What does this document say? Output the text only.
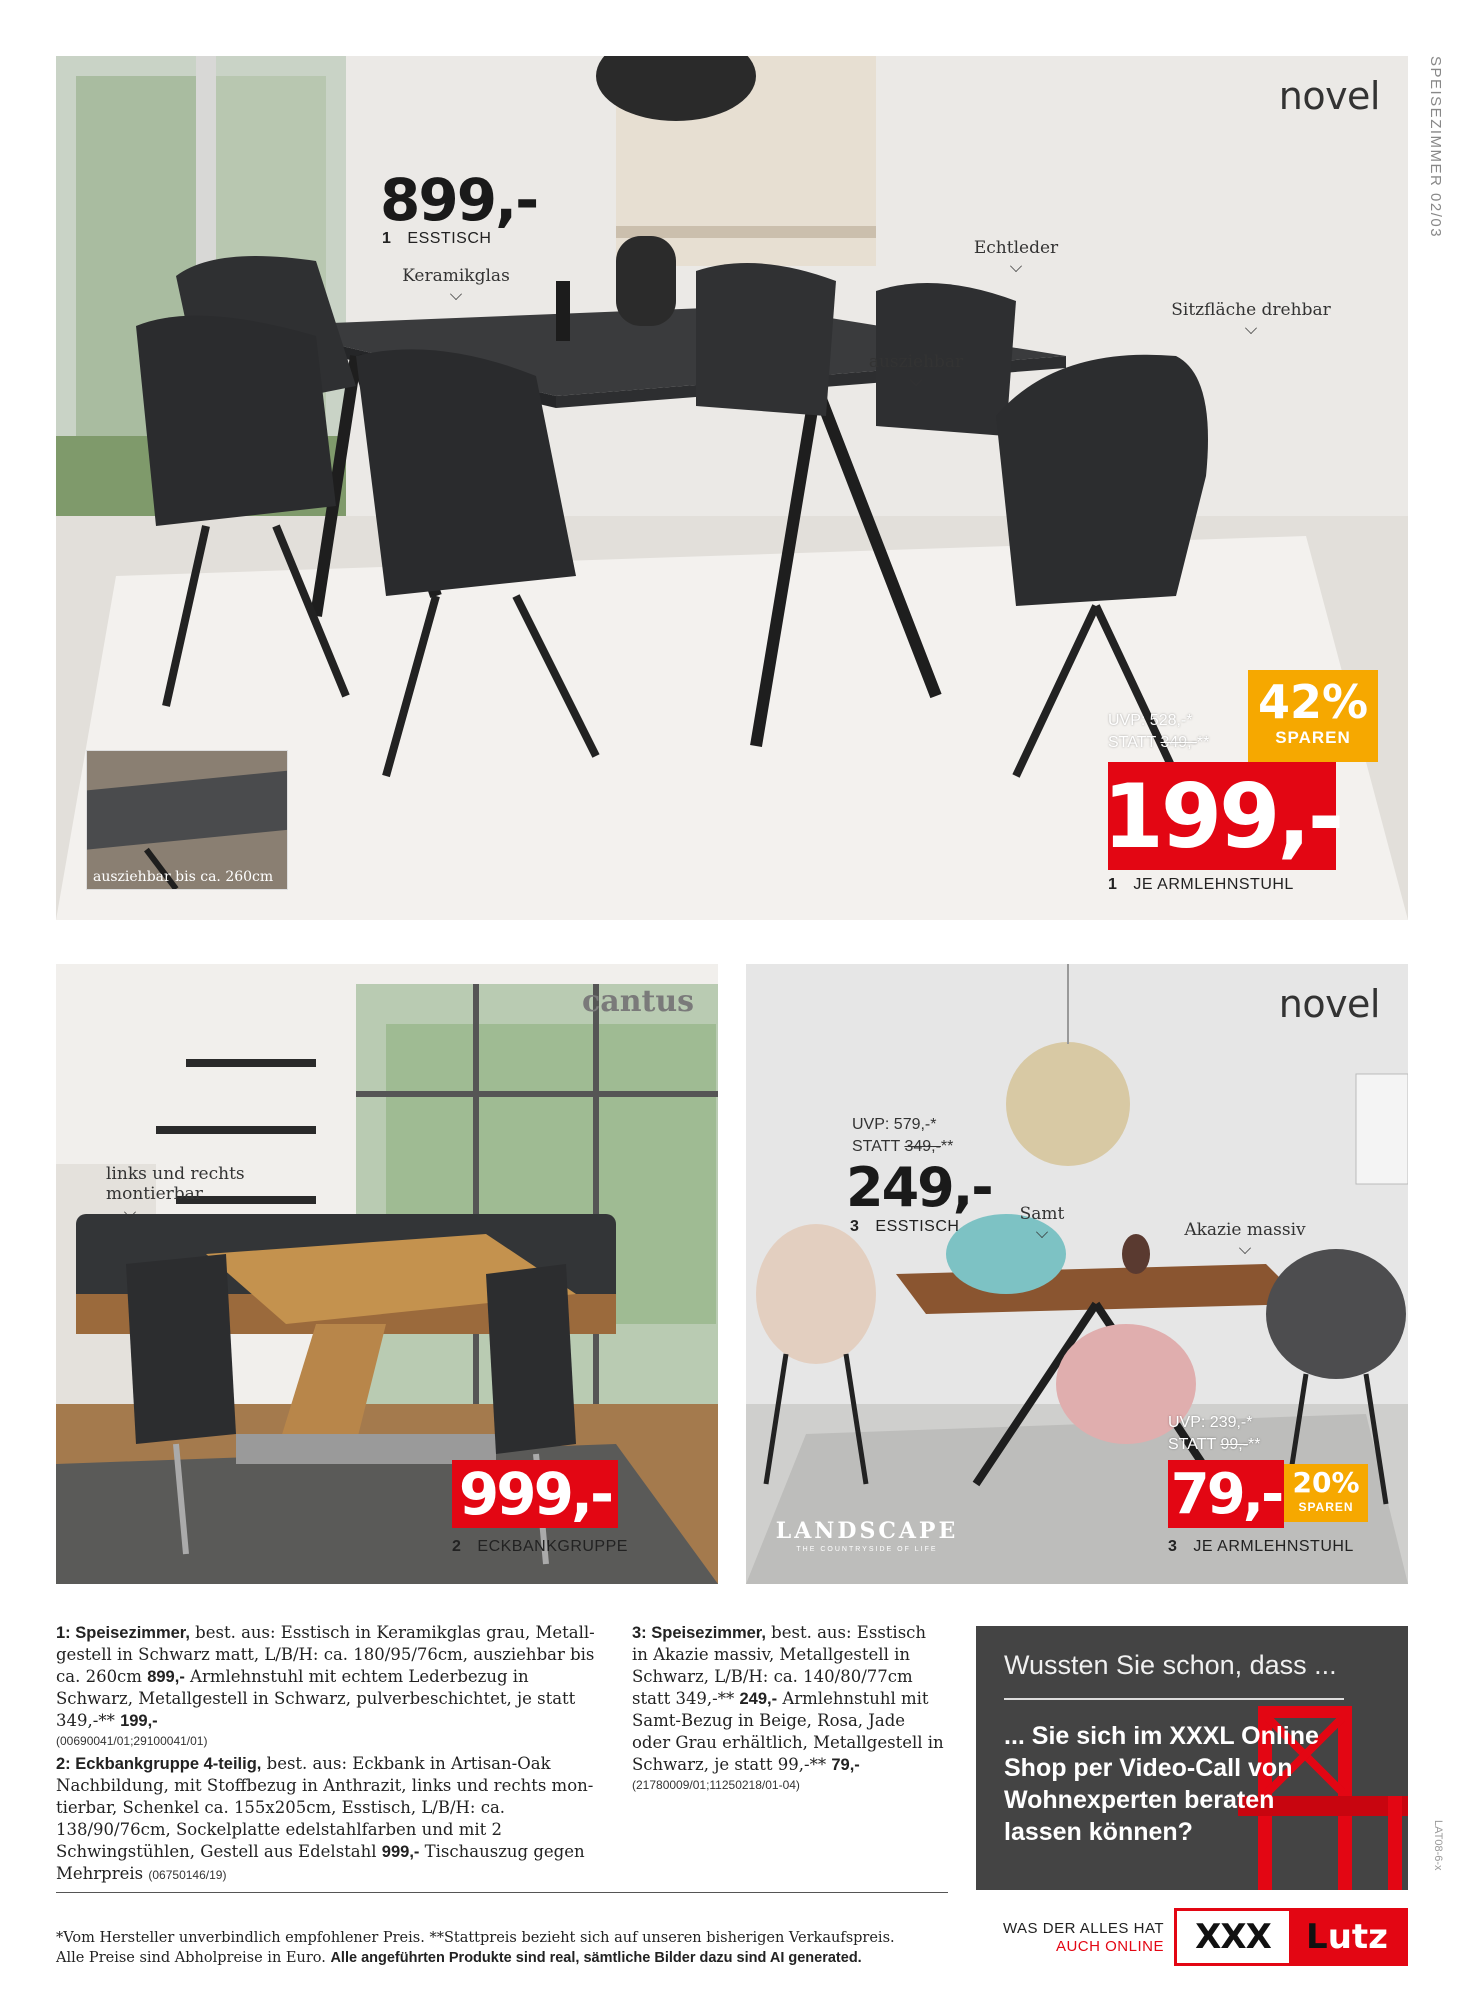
SPEISEZIMMER 02/03
LAT08-6-x
novel
899,-
1 ESSTISCH
Keramikglas
Echtleder
Sitzfläche drehbar
ausziehbar
ausziehbar bis ca. 260cm
UVP: 528,-*
STATT 349,-**
42%
SPAREN
199,-
1 JE ARMLEHNSTUHL
cantus
links und rechts montierbar
999,-
2 ECKBANKGRUPPE
novel
UVP: 579,-*
STATT 349,-**
249,-
3 ESSTISCH
Samt
Akazie massiv
UVP: 239,-*
STATT 99,-**
79,- 20%
SPAREN
3 JE ARMLEHNSTUHL
LANDSCAPE
THE COUNTRYSIDE OF LIFE

1: Speisezimmer, best. aus: Esstisch in Keramikglas grau, Metall-gestell in Schwarz matt, L/B/H: ca. 180/95/76cm, ausziehbar bis ca. 260cm 899,- Armlehnstuhl mit echtem Lederbezug in Schwarz, Metallgestell in Schwarz, pulverbeschichtet, je statt 349,-** 199,-
(00690041/01;29100041/01)

2: Eckbankgruppe 4-teilig, best. aus: Eckbank in Artisan-Oak Nachbildung, mit Stoffbezug in Anthrazit, links und rechts mon-tierbar, Schenkel ca. 155x205cm, Esstisch, L/B/H: ca. 138/90/76cm, Sockelplatte edelstahlfarben und mit 2 Schwingstühlen, Gestell aus Edelstahl 999,- Tischauszug gegen Mehrpreis (06750146/19)

3: Speisezimmer, best. aus: Esstisch in Akazie massiv, Metallgestell in Schwarz, L/B/H: ca. 140/80/77cm statt 349,-** 249,- Armlehnstuhl mit Samt-Bezug in Beige, Rosa, Jade oder Grau erhältlich, Metallgestell in Schwarz, je statt 99,-** 79,-
(21780009/01;11250218/01-04)

Wussten Sie schon, dass ...
... Sie sich im XXXL Online Shop per Video-Call von Wohnexperten beraten lassen können?
*Vom Hersteller unverbindlich empfohlener Preis. **Stattpreis bezieht sich auf unseren bisherigen Verkaufspreis.
Alle Preise sind Abholpreise in Euro. Alle angeführten Produkte sind real, sämtliche Bilder dazu sind AI generated.
WAS DER ALLES HAT
AUCH ONLINE XXX	L utz
